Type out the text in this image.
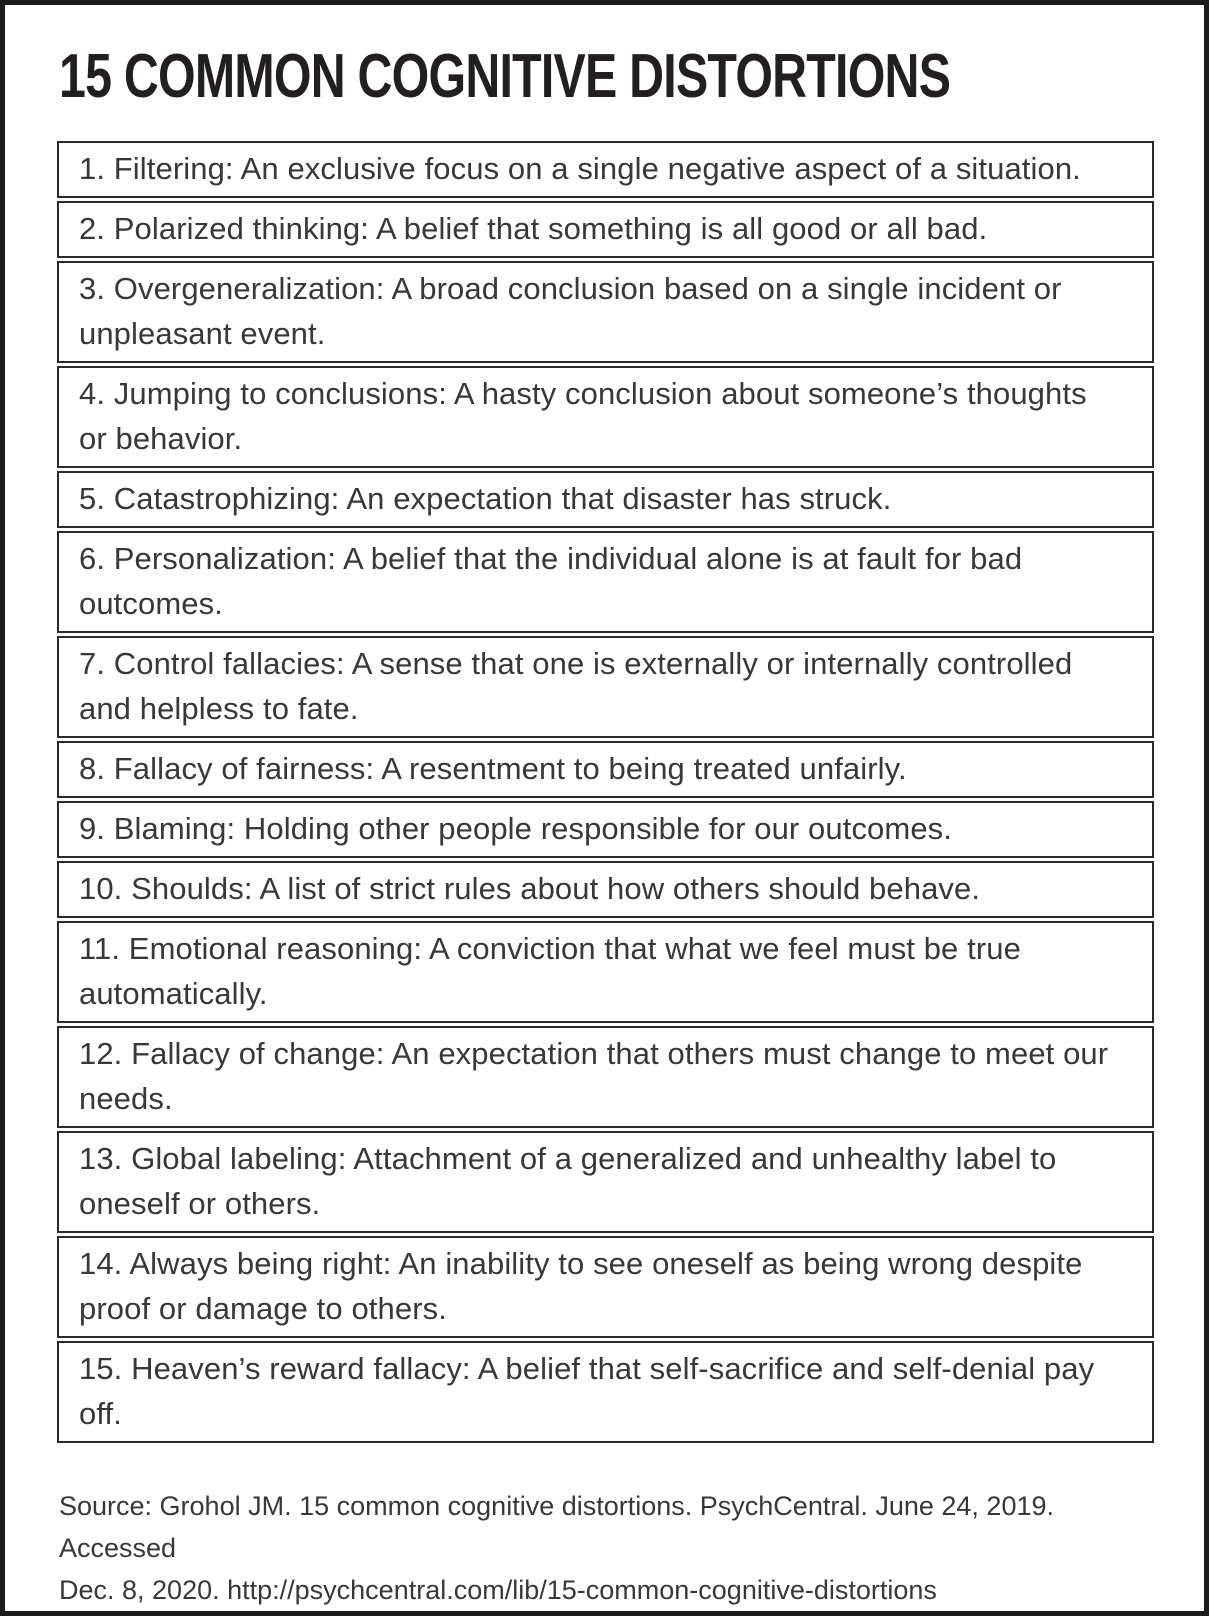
15 COMMON COGNITIVE DISTORTIONS
1. Filtering: An exclusive focus on a single negative aspect of a situation.
2. Polarized thinking: A belief that something is all good or all bad.
3. Overgeneralization: A broad conclusion based on a single incident or unpleasant event.
4. Jumping to conclusions: A hasty conclusion about someone’s thoughts or behavior.
5. Catastrophizing: An expectation that disaster has struck.
6. Personalization: A belief that the individual alone is at fault for bad outcomes.
7. Control fallacies: A sense that one is externally or internally controlled and helpless to fate.
8. Fallacy of fairness: A resentment to being treated unfairly.
9. Blaming: Holding other people responsible for our outcomes.
10. Shoulds: A list of strict rules about how others should behave.
11. Emotional reasoning: A conviction that what we feel must be true automatically.
12. Fallacy of change: An expectation that others must change to meet our needs.
13. Global labeling: Attachment of a generalized and unhealthy label to oneself or others.
14. Always being right: An inability to see oneself as being wrong despite proof or damage to others.
15. Heaven’s reward fallacy: A belief that self-sacrifice and self-denial pay off.

Source: Grohol JM. 15 common cognitive distortions. PsychCentral. June 24, 2019. Accessed
Dec. 8, 2020. http://psychcentral.com/lib/15-common-cognitive-distortions
